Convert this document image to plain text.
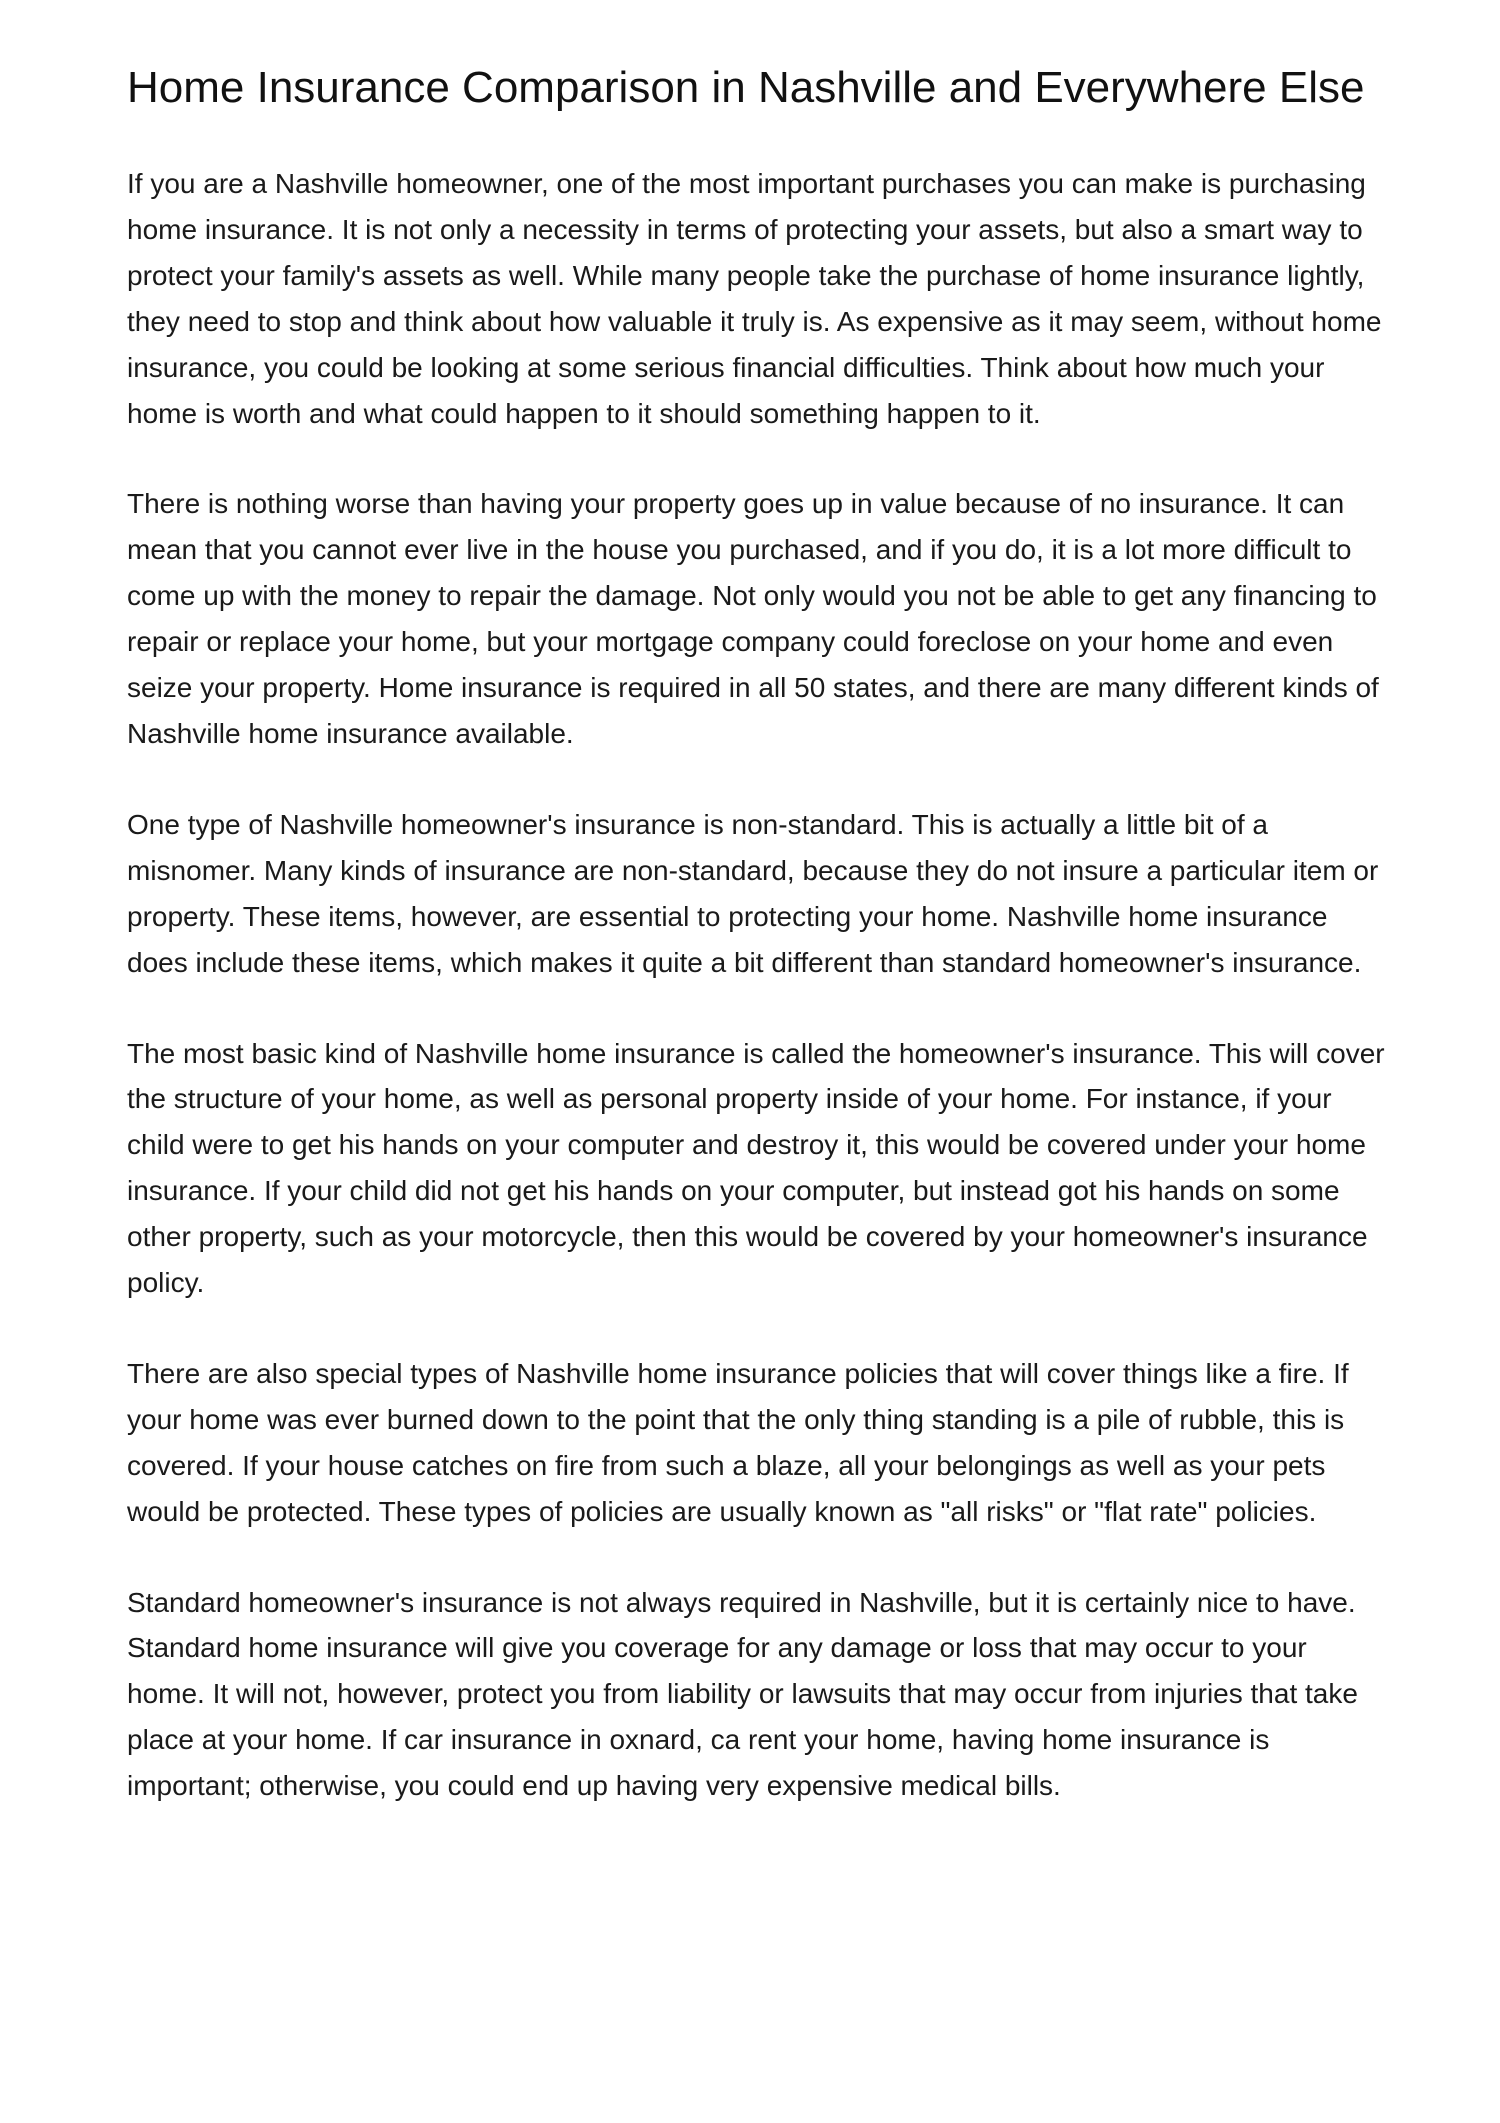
Home Insurance Comparison in Nashville and Everywhere Else

If you are a Nashville homeowner, one of the most important purchases you can make is purchasing home insurance. It is not only a necessity in terms of protecting your assets, but also a smart way to protect your family's assets as well. While many people take the purchase of home insurance lightly, they need to stop and think about how valuable it truly is. As expensive as it may seem, without home insurance, you could be looking at some serious financial difficulties. Think about how much your home is worth and what could happen to it should something happen to it.

There is nothing worse than having your property goes up in value because of no insurance. It can mean that you cannot ever live in the house you purchased, and if you do, it is a lot more difficult to come up with the money to repair the damage. Not only would you not be able to get any financing to repair or replace your home, but your mortgage company could foreclose on your home and even seize your property. Home insurance is required in all 50 states, and there are many different kinds of Nashville home insurance available.

One type of Nashville homeowner's insurance is non-standard. This is actually a little bit of a misnomer. Many kinds of insurance are non-standard, because they do not insure a particular item or property. These items, however, are essential to protecting your home. Nashville home insurance does include these items, which makes it quite a bit different than standard homeowner's insurance.

The most basic kind of Nashville home insurance is called the homeowner's insurance. This will cover the structure of your home, as well as personal property inside of your home. For instance, if your child were to get his hands on your computer and destroy it, this would be covered under your home insurance. If your child did not get his hands on your computer, but instead got his hands on some other property, such as your motorcycle, then this would be covered by your homeowner's insurance policy.

There are also special types of Nashville home insurance policies that will cover things like a fire. If your home was ever burned down to the point that the only thing standing is a pile of rubble, this is covered. If your house catches on fire from such a blaze, all your belongings as well as your pets would be protected. These types of policies are usually known as "all risks" or "flat rate" policies.

Standard homeowner's insurance is not always required in Nashville, but it is certainly nice to have. Standard home insurance will give you coverage for any damage or loss that may occur to your home. It will not, however, protect you from liability or lawsuits that may occur from injuries that take place at your home. If car insurance in oxnard, ca rent your home, having home insurance is important; otherwise, you could end up having very expensive medical bills.
